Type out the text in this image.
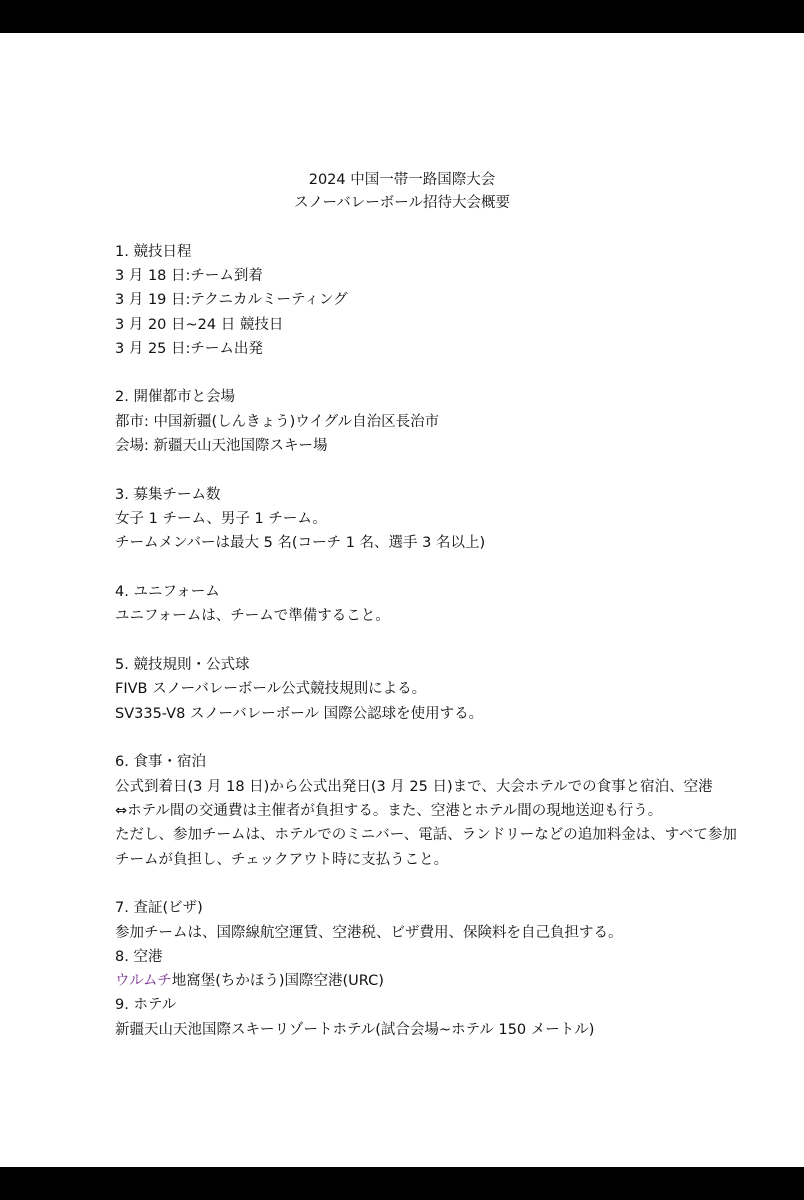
2024 中国一帯一路国際大会
スノーバレーボール招待大会概要
1. 競技日程
3 月 18 日:チーム到着
3 月 19 日:テクニカルミーティング
3 月 20 日~24 日 競技日
3 月 25 日:チーム出発
2. 開催都市と会場
都市: 中国新疆(しんきょう)ウイグル自治区長治市
会場: 新疆天山天池国際スキー場
3. 募集チーム数
女子 1 チーム、男子 1 チーム。
チームメンバーは最大 5 名(コーチ 1 名、選手 3 名以上)
4. ユニフォーム
ユニフォームは、チームで準備すること。
5. 競技規則・公式球
FIVB スノーバレーボール公式競技規則による。
SV335-V8 スノーバレーボール 国際公認球を使用する。
6. 食事・宿泊
公式到着日(3 月 18 日)から公式出発日(3 月 25 日)まで、大会ホテルでの食事と宿泊、空港
⇔ホテル間の交通費は主催者が負担する。また、空港とホテル間の現地送迎も行う。
ただし、参加チームは、ホテルでのミニバー、電話、ランドリーなどの追加料金は、すべて参加
チームが負担し、チェックアウト時に支払うこと。
7. 査証(ビザ)
参加チームは、国際線航空運賃、空港税、ビザ費用、保険料を自己負担する。
8. 空港
ウルムチ地窩堡(ちかほう)国際空港(URC)
9. ホテル
新疆天山天池国際スキーリゾートホテル(試合会場~ホテル 150 メートル)
